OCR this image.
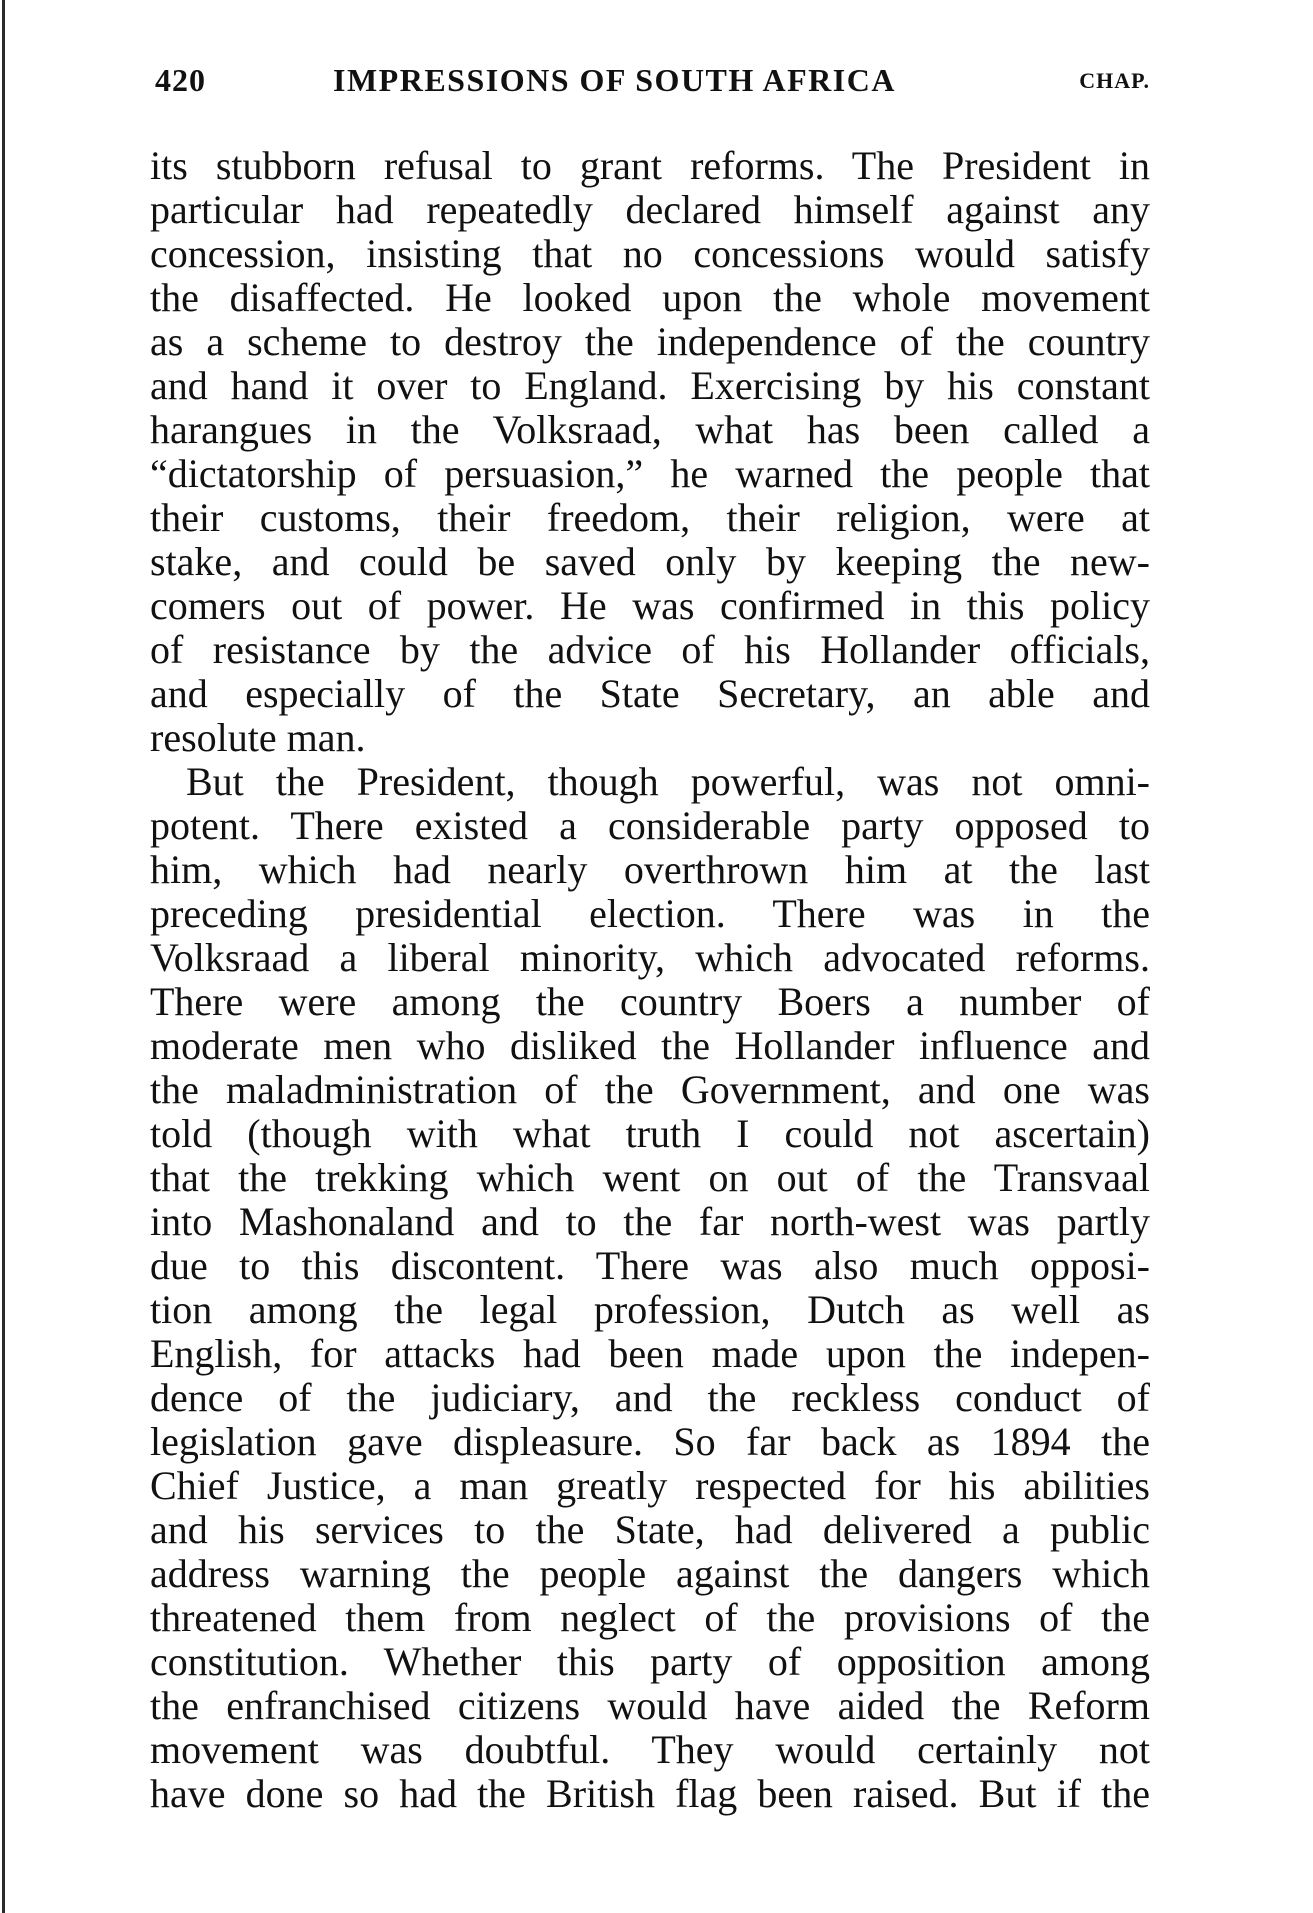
420	IMPRESSIONS OF SOUTH AFRICA	CHAP.
its stubborn refusal to grant reforms. The President in
particular had repeatedly declared himself against any
concession, insisting that no concessions would satisfy
the disaffected. He looked upon the whole movement
as a scheme to destroy the independence of the country
and hand it over to England. Exercising by his constant
harangues in the Volksraad, what has been called a
“dictatorship of persuasion,” he warned the people that
their customs, their freedom, their religion, were at
stake, and could be saved only by keeping the new-
comers out of power. He was confirmed in this policy
of resistance by the advice of his Hollander officials,
and especially of the State Secretary, an able and
resolute man.
But the President, though powerful, was not omni-
potent. There existed a considerable party opposed to
him, which had nearly overthrown him at the last
preceding presidential election. There was in the
Volksraad a liberal minority, which advocated reforms.
There were among the country Boers a number of
moderate men who disliked the Hollander influence and
the maladministration of the Government, and one was
told (though with what truth I could not ascertain)
that the trekking which went on out of the Transvaal
into Mashonaland and to the far north-west was partly
due to this discontent. There was also much opposi-
tion among the legal profession, Dutch as well as
English, for attacks had been made upon the indepen-
dence of the judiciary, and the reckless conduct of
legislation gave displeasure. So far back as 1894 the
Chief Justice, a man greatly respected for his abilities
and his services to the State, had delivered a public
address warning the people against the dangers which
threatened them from neglect of the provisions of the
constitution. Whether this party of opposition among
the enfranchised citizens would have aided the Reform
movement was doubtful. They would certainly not
have done so had the British flag been raised. But if the
